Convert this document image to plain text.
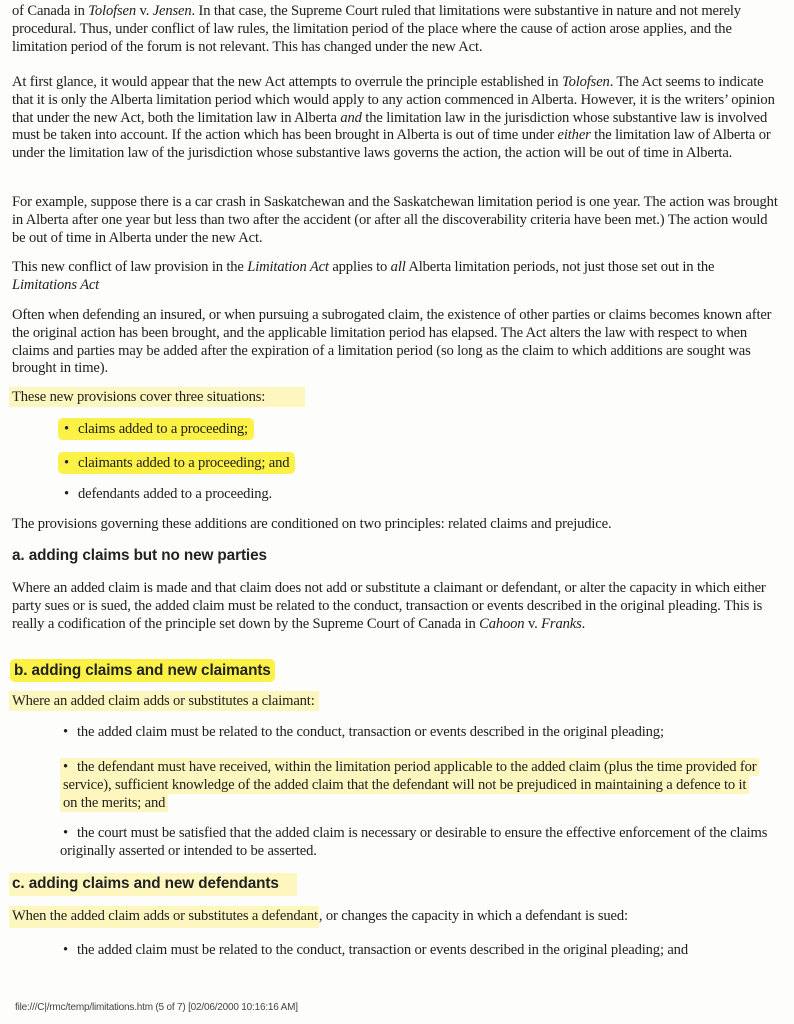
of Canada in Tolofsen v. Jensen. In that case, the Supreme Court ruled that limitations were substantive in nature and not merely procedural. Thus, under conflict of law rules, the limitation period of the place where the cause of action arose applies, and the limitation period of the forum is not relevant. This has changed under the new Act.

At first glance, it would appear that the new Act attempts to overrule the principle established in Tolofsen. The Act seems to indicate that it is only the Alberta limitation period which would apply to any action commenced in Alberta. However, it is the writers’ opinion that under the new Act, both the limitation law in Alberta and the limitation law in the jurisdiction whose substantive law is involved must be taken into account. If the action which has been brought in Alberta is out of time under either the limitation law of Alberta or under the limitation law of the jurisdiction whose substantive laws governs the action, the action will be out of time in Alberta.

For example, suppose there is a car crash in Saskatchewan and the Saskatchewan limitation period is one year. The action was brought in Alberta after one year but less than two after the accident (or after all the discoverability criteria have been met.) The action would be out of time in Alberta under the new Act.

This new conflict of law provision in the Limitation Act applies to all Alberta limitation periods, not just those set out in the Limitations Act

Often when defending an insured, or when pursuing a subrogated claim, the existence of other parties or claims becomes known after the original action has been brought, and the applicable limitation period has elapsed. The Act alters the law with respect to when claims and parties may be added after the expiration of a limitation period (so long as the claim to which additions are sought was brought in time).

These new provisions cover three situations:

• claims added to a proceeding;
• claimants added to a proceeding; and
• defendants added to a proceeding.

The provisions governing these additions are conditioned on two principles: related claims and prejudice.

a. adding claims but no new parties

Where an added claim is made and that claim does not add or substitute a claimant or defendant, or alter the capacity in which either party sues or is sued, the added claim must be related to the conduct, transaction or events described in the original pleading. This is really a codification of the principle set down by the Supreme Court of Canada in Cahoon v. Franks.

b. adding claims and new claimants

Where an added claim adds or substitutes a claimant:

• the added claim must be related to the conduct, transaction or events described in the original pleading;
• the defendant must have received, within the limitation period applicable to the added claim (plus the time provided for service), sufficient knowledge of the added claim that the defendant will not be prejudiced in maintaining a defence to it on the merits; and
• the court must be satisfied that the added claim is necessary or desirable to ensure the effective enforcement of the claims originally asserted or intended to be asserted.
c. adding claims and new defendants

When the added claim adds or substitutes a defendant, or changes the capacity in which a defendant is sued:

• the added claim must be related to the conduct, transaction or events described in the original pleading; and
file:///C|/rmc/temp/limitations.htm (5 of 7) [02/06/2000 10:16:16 AM]
